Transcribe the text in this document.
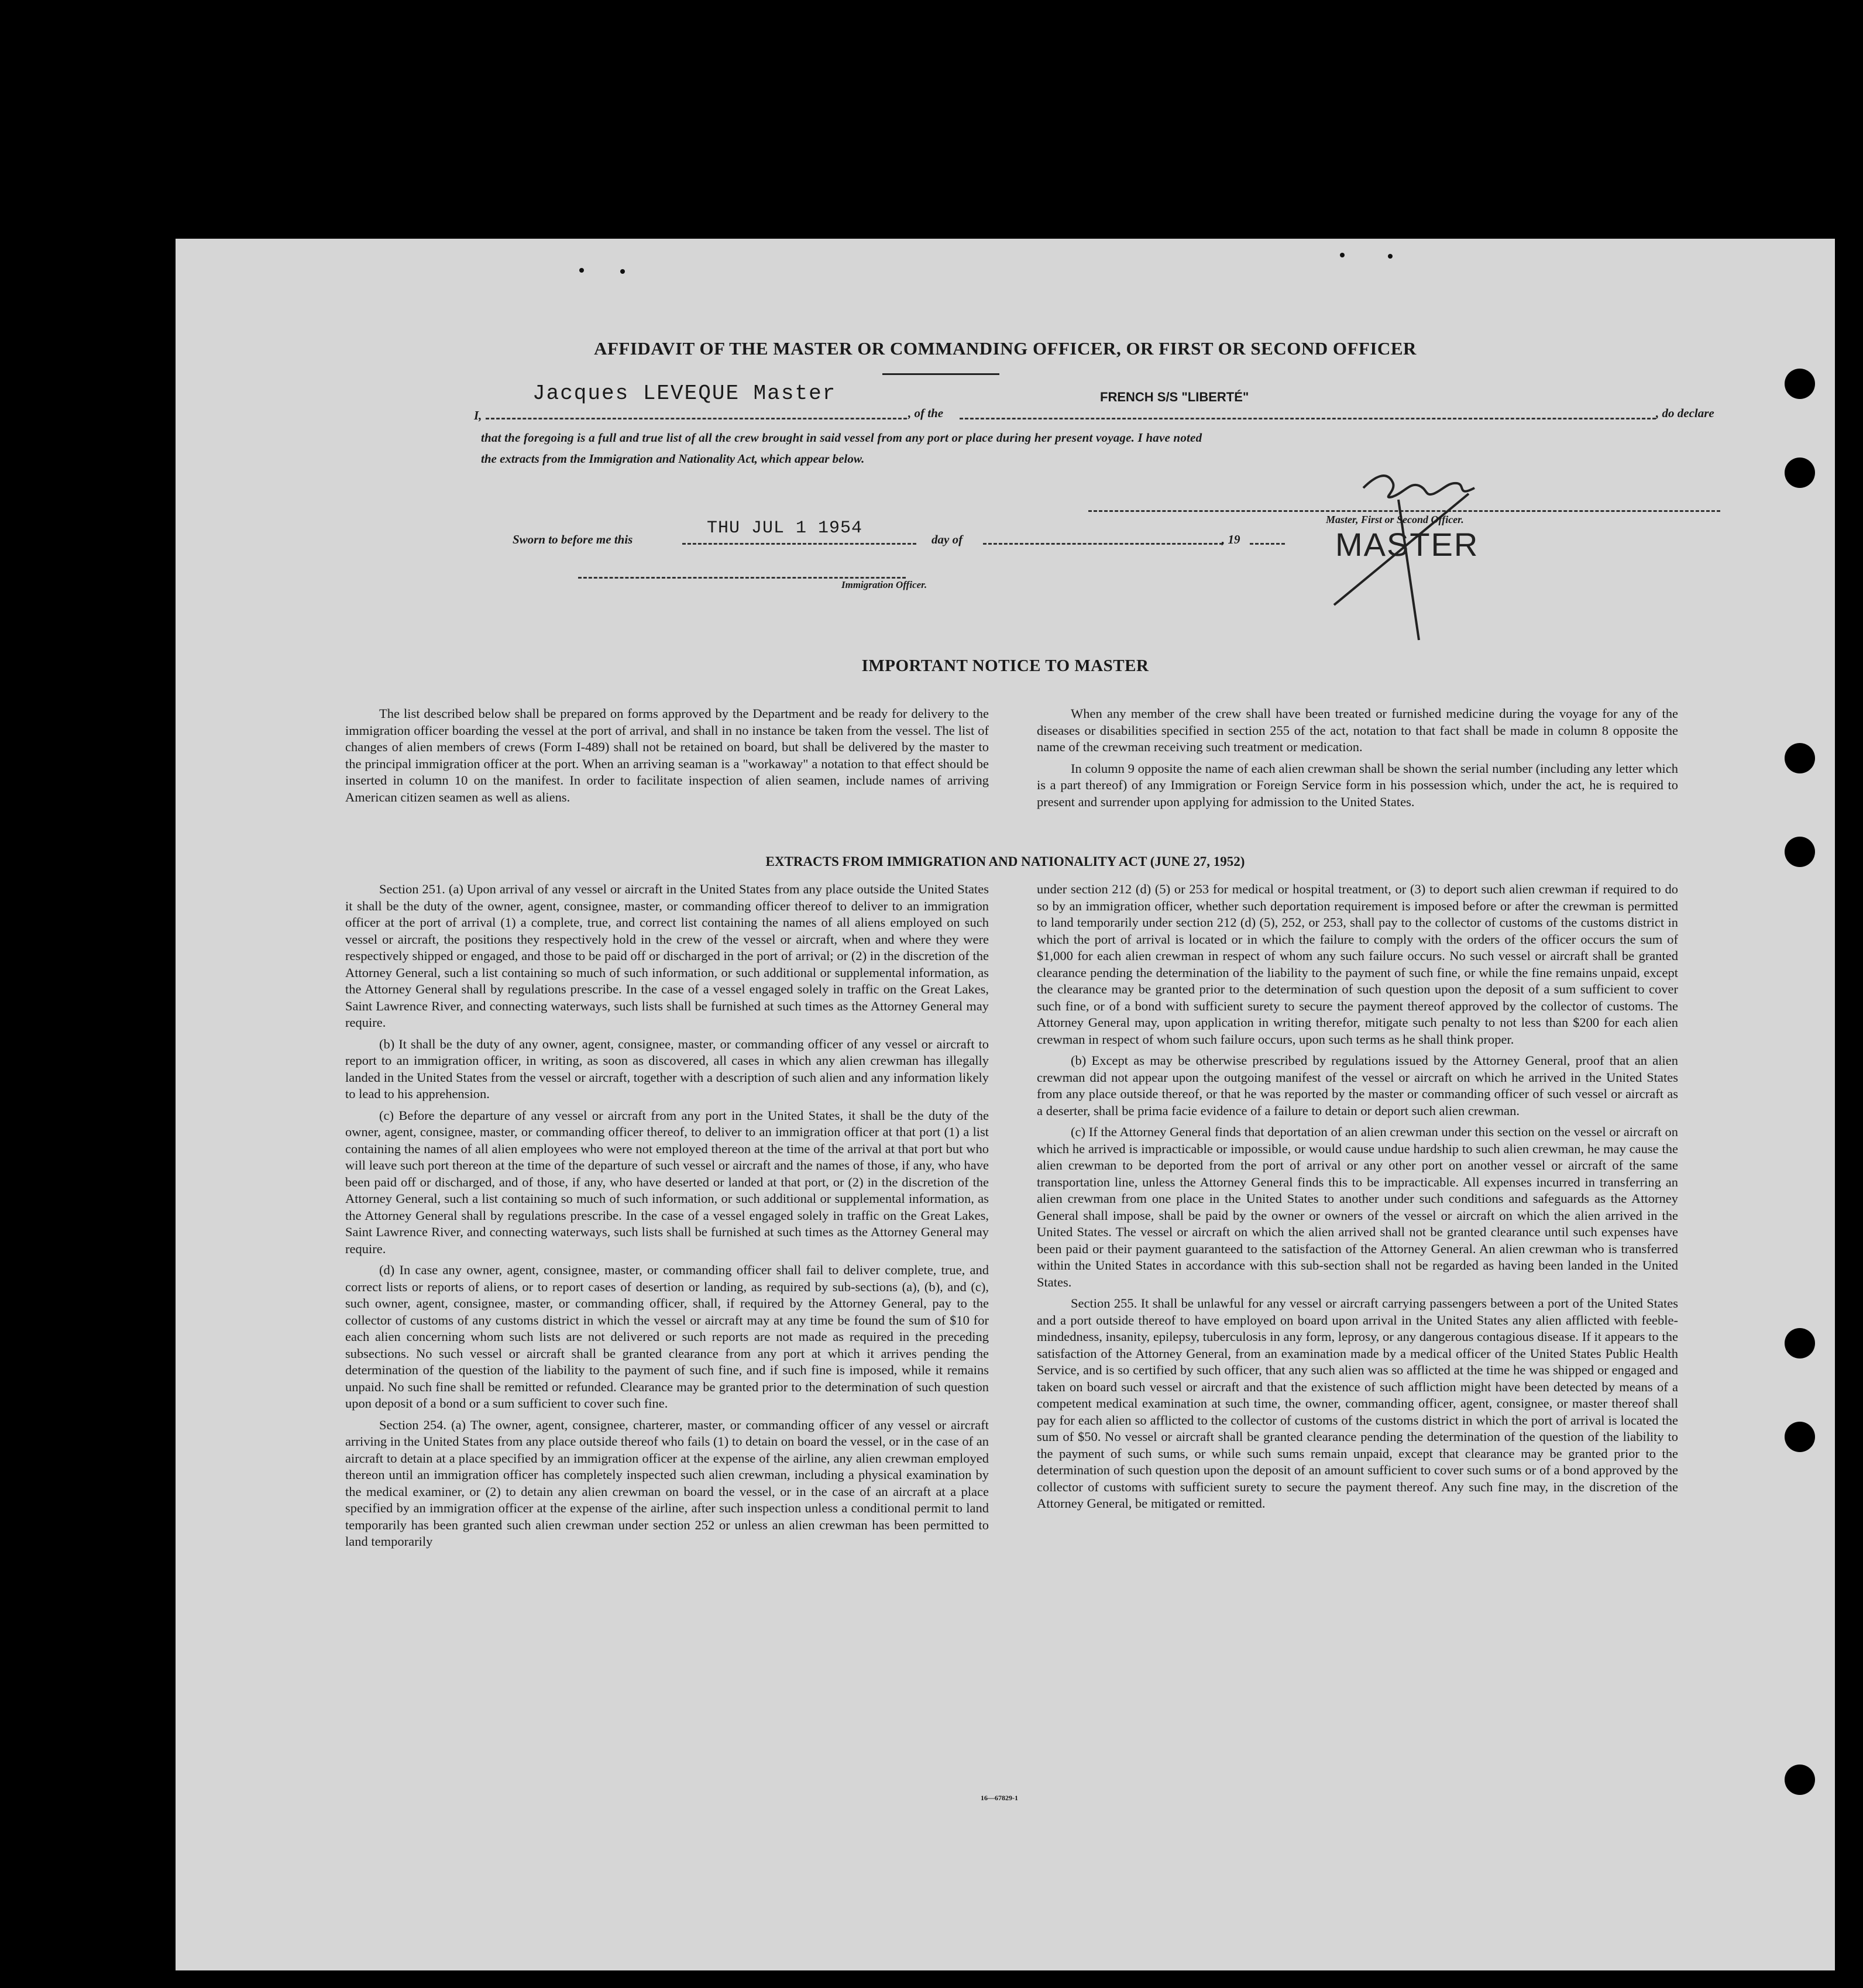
AFFIDAVIT OF THE MASTER OR COMMANDING OFFICER, OR FIRST OR SECOND OFFICER
Jacques LEVEQUE Master
I,	, of the
FRENCH S/S "LIBERTÉ"
, do declare
that the foregoing is a full and true list of all the crew brought in said vessel from any port or place during her present voyage. I have noted
the extracts from the Immigration and Nationality Act, which appear below.
Master, First or Second Officer.
MASTER
Sworn to before me this
THU JUL 1 1954
day of	, 19
Immigration Officer.
IMPORTANT NOTICE TO MASTER

The list described below shall be prepared on forms approved by the Department and be ready for delivery to the immigration officer boarding the vessel at the port of arrival, and shall in no instance be taken from the vessel. The list of changes of alien members of crews (Form I-489) shall not be retained on board, but shall be delivered by the master to the principal immigration officer at the port. When an arriving seaman is a "workaway" a notation to that effect should be inserted in column 10 on the manifest. In order to facilitate inspection of alien seamen, include names of arriving American citizen seamen as well as aliens.

When any member of the crew shall have been treated or furnished medicine during the voyage for any of the diseases or disabilities specified in section 255 of the act, notation to that fact shall be made in column 8 opposite the name of the crewman receiving such treatment or medication.

In column 9 opposite the name of each alien crewman shall be shown the serial number (including any letter which is a part thereof) of any Immigration or Foreign Service form in his possession which, under the act, he is required to present and surrender upon applying for admission to the United States.

EXTRACTS FROM IMMIGRATION AND NATIONALITY ACT (JUNE 27, 1952)

Section 251. (a) Upon arrival of any vessel or aircraft in the United States from any place outside the United States it shall be the duty of the owner, agent, consignee, master, or commanding officer thereof to deliver to an immigration officer at the port of arrival (1) a complete, true, and correct list containing the names of all aliens employed on such vessel or aircraft, the positions they respectively hold in the crew of the vessel or aircraft, when and where they were respectively shipped or engaged, and those to be paid off or discharged in the port of arrival; or (2) in the discretion of the Attorney General, such a list containing so much of such information, or such additional or supplemental information, as the Attorney General shall by regulations prescribe. In the case of a vessel engaged solely in traffic on the Great Lakes, Saint Lawrence River, and connecting waterways, such lists shall be furnished at such times as the Attorney General may require.

(b) It shall be the duty of any owner, agent, consignee, master, or commanding officer of any vessel or aircraft to report to an immigration officer, in writing, as soon as discovered, all cases in which any alien crewman has illegally landed in the United States from the vessel or aircraft, together with a description of such alien and any information likely to lead to his apprehension.

(c) Before the departure of any vessel or aircraft from any port in the United States, it shall be the duty of the owner, agent, consignee, master, or commanding officer thereof, to deliver to an immigration officer at that port (1) a list containing the names of all alien employees who were not employed thereon at the time of the arrival at that port but who will leave such port thereon at the time of the departure of such vessel or aircraft and the names of those, if any, who have been paid off or discharged, and of those, if any, who have deserted or landed at that port, or (2) in the discretion of the Attorney General, such a list containing so much of such information, or such additional or supplemental information, as the Attorney General shall by regulations prescribe. In the case of a vessel engaged solely in traffic on the Great Lakes, Saint Lawrence River, and connecting waterways, such lists shall be furnished at such times as the Attorney General may require.

(d) In case any owner, agent, consignee, master, or commanding officer shall fail to deliver complete, true, and correct lists or reports of aliens, or to report cases of desertion or landing, as required by sub-sections (a), (b), and (c), such owner, agent, consignee, master, or commanding officer, shall, if required by the Attorney General, pay to the collector of customs of any customs district in which the vessel or aircraft may at any time be found the sum of $10 for each alien concerning whom such lists are not delivered or such reports are not made as required in the preceding subsections. No such vessel or aircraft shall be granted clearance from any port at which it arrives pending the determination of the question of the liability to the payment of such fine, and if such fine is imposed, while it remains unpaid. No such fine shall be remitted or refunded. Clearance may be granted prior to the determination of such question upon deposit of a bond or a sum sufficient to cover such fine.

Section 254. (a) The owner, agent, consignee, charterer, master, or commanding officer of any vessel or aircraft arriving in the United States from any place outside thereof who fails (1) to detain on board the vessel, or in the case of an aircraft to detain at a place specified by an immigration officer at the expense of the airline, any alien crewman employed thereon until an immigration officer has completely inspected such alien crewman, including a physical examination by the medical examiner, or (2) to detain any alien crewman on board the vessel, or in the case of an aircraft at a place specified by an immigration officer at the expense of the airline, after such inspection unless a conditional permit to land temporarily has been granted such alien crewman under section 252 or unless an alien crewman has been permitted to land temporarily

under section 212 (d) (5) or 253 for medical or hospital treatment, or (3) to deport such alien crewman if required to do so by an immigration officer, whether such deportation requirement is imposed before or after the crewman is permitted to land temporarily under section 212 (d) (5), 252, or 253, shall pay to the collector of customs of the customs district in which the port of arrival is located or in which the failure to comply with the orders of the officer occurs the sum of $1,000 for each alien crewman in respect of whom any such failure occurs. No such vessel or aircraft shall be granted clearance pending the determination of the liability to the payment of such fine, or while the fine remains unpaid, except the clearance may be granted prior to the determination of such question upon the deposit of a sum sufficient to cover such fine, or of a bond with sufficient surety to secure the payment thereof approved by the collector of customs. The Attorney General may, upon application in writing therefor, mitigate such penalty to not less than $200 for each alien crewman in respect of whom such failure occurs, upon such terms as he shall think proper.

(b) Except as may be otherwise prescribed by regulations issued by the Attorney General, proof that an alien crewman did not appear upon the outgoing manifest of the vessel or aircraft on which he arrived in the United States from any place outside thereof, or that he was reported by the master or commanding officer of such vessel or aircraft as a deserter, shall be prima facie evidence of a failure to detain or deport such alien crewman.

(c) If the Attorney General finds that deportation of an alien crewman under this section on the vessel or aircraft on which he arrived is impracticable or impossible, or would cause undue hardship to such alien crewman, he may cause the alien crewman to be deported from the port of arrival or any other port on another vessel or aircraft of the same transportation line, unless the Attorney General finds this to be impracticable. All expenses incurred in transferring an alien crewman from one place in the United States to another under such conditions and safeguards as the Attorney General shall impose, shall be paid by the owner or owners of the vessel or aircraft on which the alien arrived in the United States. The vessel or aircraft on which the alien arrived shall not be granted clearance until such expenses have been paid or their payment guaranteed to the satisfaction of the Attorney General. An alien crewman who is transferred within the United States in accordance with this sub-section shall not be regarded as having been landed in the United States.

Section 255. It shall be unlawful for any vessel or aircraft carrying passengers between a port of the United States and a port outside thereof to have employed on board upon arrival in the United States any alien afflicted with feeble-mindedness, insanity, epilepsy, tuberculosis in any form, leprosy, or any dangerous contagious disease. If it appears to the satisfaction of the Attorney General, from an examination made by a medical officer of the United States Public Health Service, and is so certified by such officer, that any such alien was so afflicted at the time he was shipped or engaged and taken on board such vessel or aircraft and that the existence of such affliction might have been detected by means of a competent medical examination at such time, the owner, commanding officer, agent, consignee, or master thereof shall pay for each alien so afflicted to the collector of customs of the customs district in which the port of arrival is located the sum of $50. No vessel or aircraft shall be granted clearance pending the determination of the question of the liability to the payment of such sums, or while such sums remain unpaid, except that clearance may be granted prior to the determination of such question upon the deposit of an amount sufficient to cover such sums or of a bond approved by the collector of customs with sufficient surety to secure the payment thereof. Any such fine may, in the discretion of the Attorney General, be mitigated or remitted.

16—67829-1
